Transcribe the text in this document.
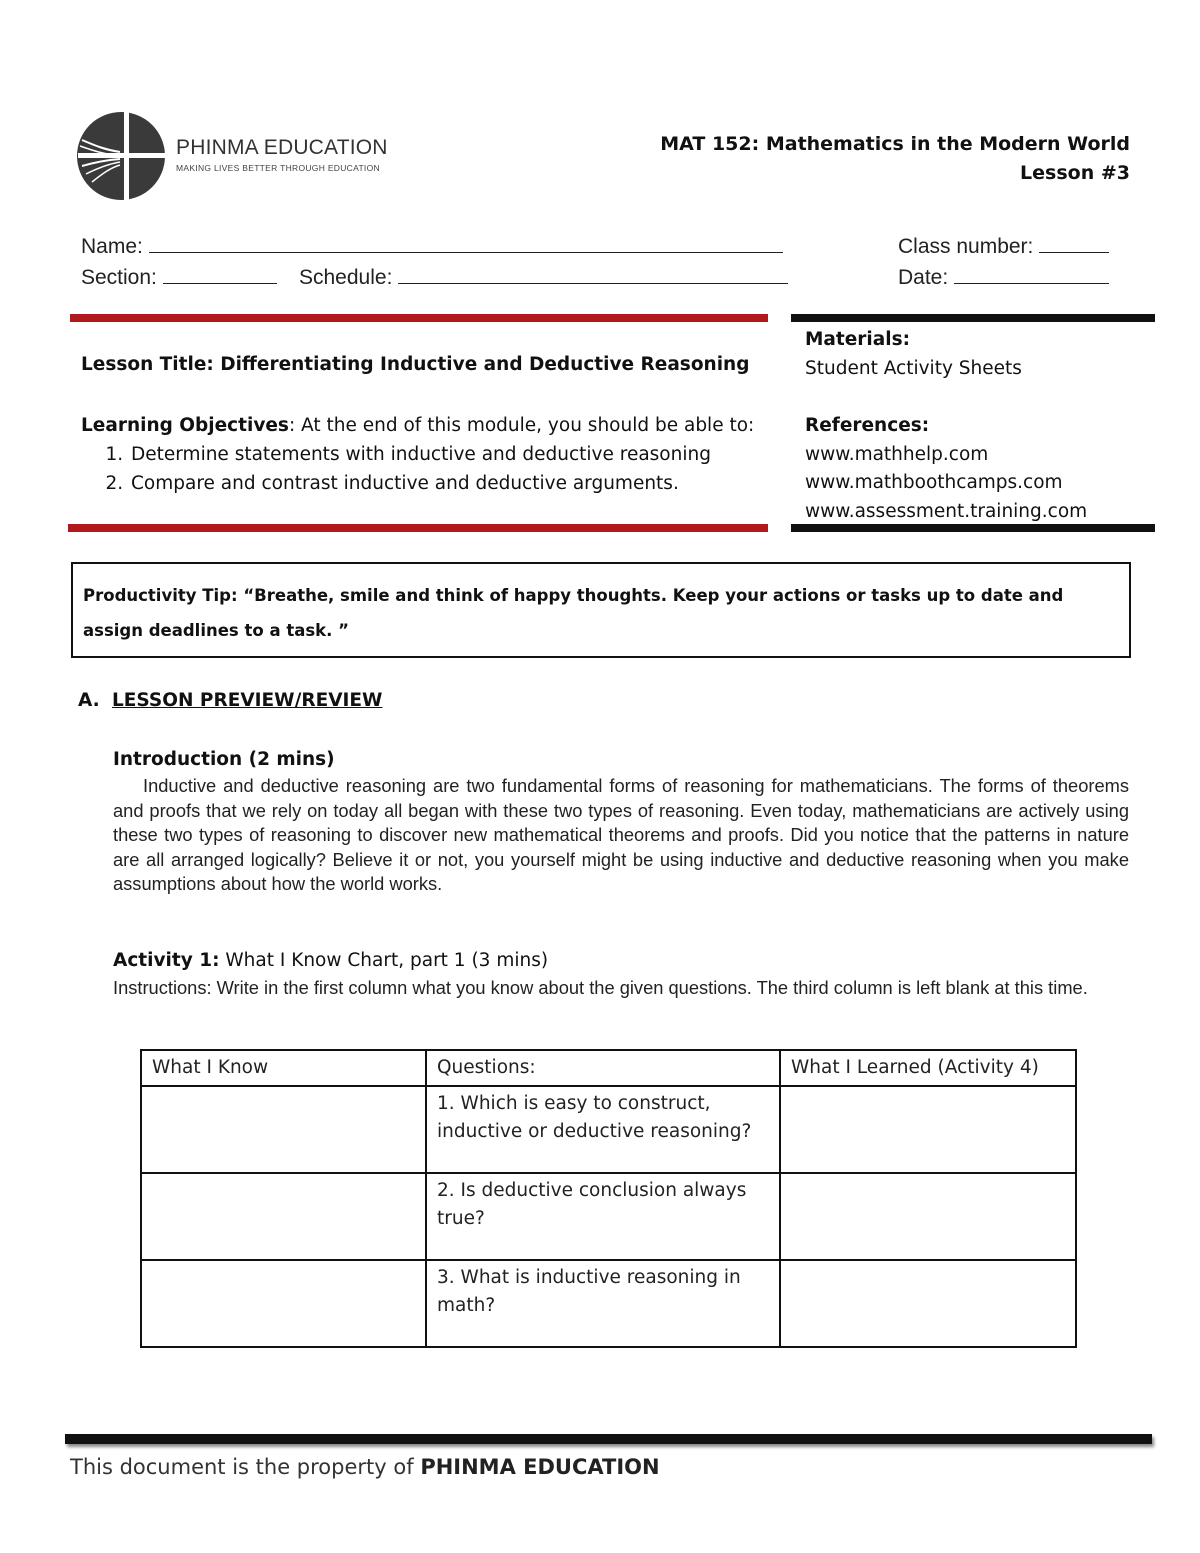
PHINMA EDUCATION
MAKING LIVES BETTER THROUGH EDUCATION
MAT 152: Mathematics in the Modern World
Lesson #3
Name:
Section:	Schedule:
Class number:
Date:
Lesson Title: Differentiating Inductive and Deductive Reasoning
Learning Objectives: At the end of this module, you should be able to:
1. Determine statements with inductive and deductive reasoning
2. Compare and contrast inductive and deductive arguments.
Materials:
Student Activity Sheets
References:
www.mathhelp.com
www.mathboothcamps.com
www.assessment.training.com
Productivity Tip: “Breathe, smile and think of happy thoughts. Keep your actions or tasks up to date and assign deadlines to a task. ”
A. LESSON PREVIEW/REVIEW
Introduction (2 mins)
Inductive and deductive reasoning are two fundamental forms of reasoning for mathematicians. The forms of theorems and proofs that we rely on today all began with these two types of reasoning. Even today, mathematicians are actively using these two types of reasoning to discover new mathematical theorems and proofs. Did you notice that the patterns in nature are all arranged logically? Believe it or not, you yourself might be using inductive and deductive reasoning when you make assumptions about how the world works.
Activity 1: What I Know Chart, part 1 (3 mins)
Instructions: Write in the first column what you know about the given questions. The third column is left blank at this time.
What I Know	Questions:	What I Learned (Activity 4)
	1. Which is easy to construct, inductive or deductive reasoning?	
	2. Is deductive conclusion always true?	
	3. What is inductive reasoning in math?	
This document is the property of PHINMA EDUCATION
